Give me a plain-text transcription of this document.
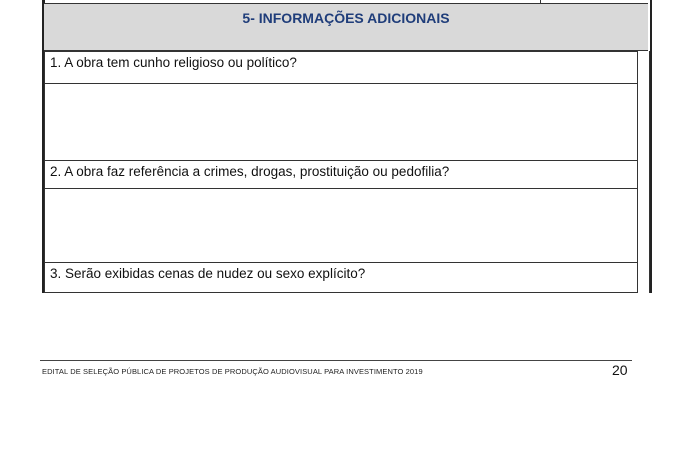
5- INFORMAÇÕES ADICIONAIS
1. A obra tem cunho religioso ou político?
2. A obra faz referência a crimes, drogas, prostituição ou pedofilia?
3. Serão exibidas cenas de nudez ou sexo explícito?
EDITAL DE SELEÇÃO PÚBLICA DE PROJETOS DE PRODUÇÃO AUDIOVISUAL PARA INVESTIMENTO 2019	20
